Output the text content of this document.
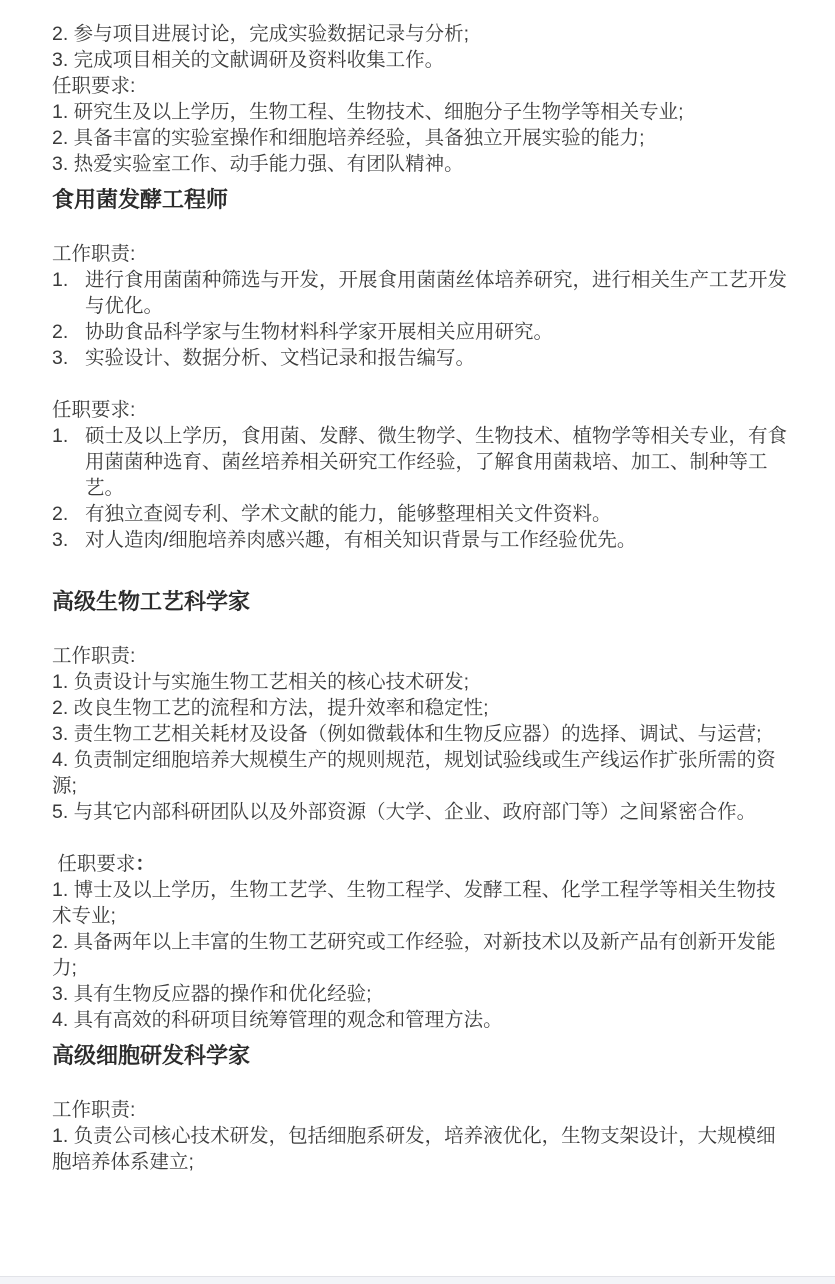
2. 参与项目进展讨论，完成实验数据记录与分析;
3. 完成项目相关的文献调研及资料收集工作。
任职要求:
1. 研究生及以上学历，生物工程、生物技术、细胞分子生物学等相关专业;
2. 具备丰富的实验室操作和细胞培养经验，具备独立开展实验的能力;
3. 热爱实验室工作、动手能力强、有团队精神。
食用菌发酵工程师
工作职责:
1. 进行食用菌菌种筛选与开发，开展食用菌菌丝体培养研究，进行相关生产工艺开发
与优化。
2. 协助食品科学家与生物材料科学家开展相关应用研究。
3. 实验设计、数据分析、文档记录和报告编写。
任职要求:
1. 硕士及以上学历，食用菌、发酵、微生物学、生物技术、植物学等相关专业，有食
用菌菌种选育、菌丝培养相关研究工作经验，了解食用菌栽培、加工、制种等工
艺。
2. 有独立查阅专利、学术文献的能力，能够整理相关文件资料。
3. 对人造肉/细胞培养肉感兴趣，有相关知识背景与工作经验优先。
高级生物工艺科学家
工作职责:
1. 负责设计与实施生物工艺相关的核心技术研发;
2. 改良生物工艺的流程和方法，提升效率和稳定性;
3. 责生物工艺相关耗材及设备（例如微载体和生物反应器）的选择、调试、与运营;
4. 负责制定细胞培养大规模生产的规则规范，规划试验线或生产线运作扩张所需的资
源;
5. 与其它内部科研团队以及外部资源（大学、企业、政府部门等）之间紧密合作。
任职要求：
1. 博士及以上学历，生物工艺学、生物工程学、发酵工程、化学工程学等相关生物技
术专业;
2. 具备两年以上丰富的生物工艺研究或工作经验，对新技术以及新产品有创新开发能
力;
3. 具有生物反应器的操作和优化经验;
4. 具有高效的科研项目统筹管理的观念和管理方法。
高级细胞研发科学家
工作职责:
1. 负责公司核心技术研发，包括细胞系研发，培养液优化，生物支架设计，大规模细
胞培养体系建立;
